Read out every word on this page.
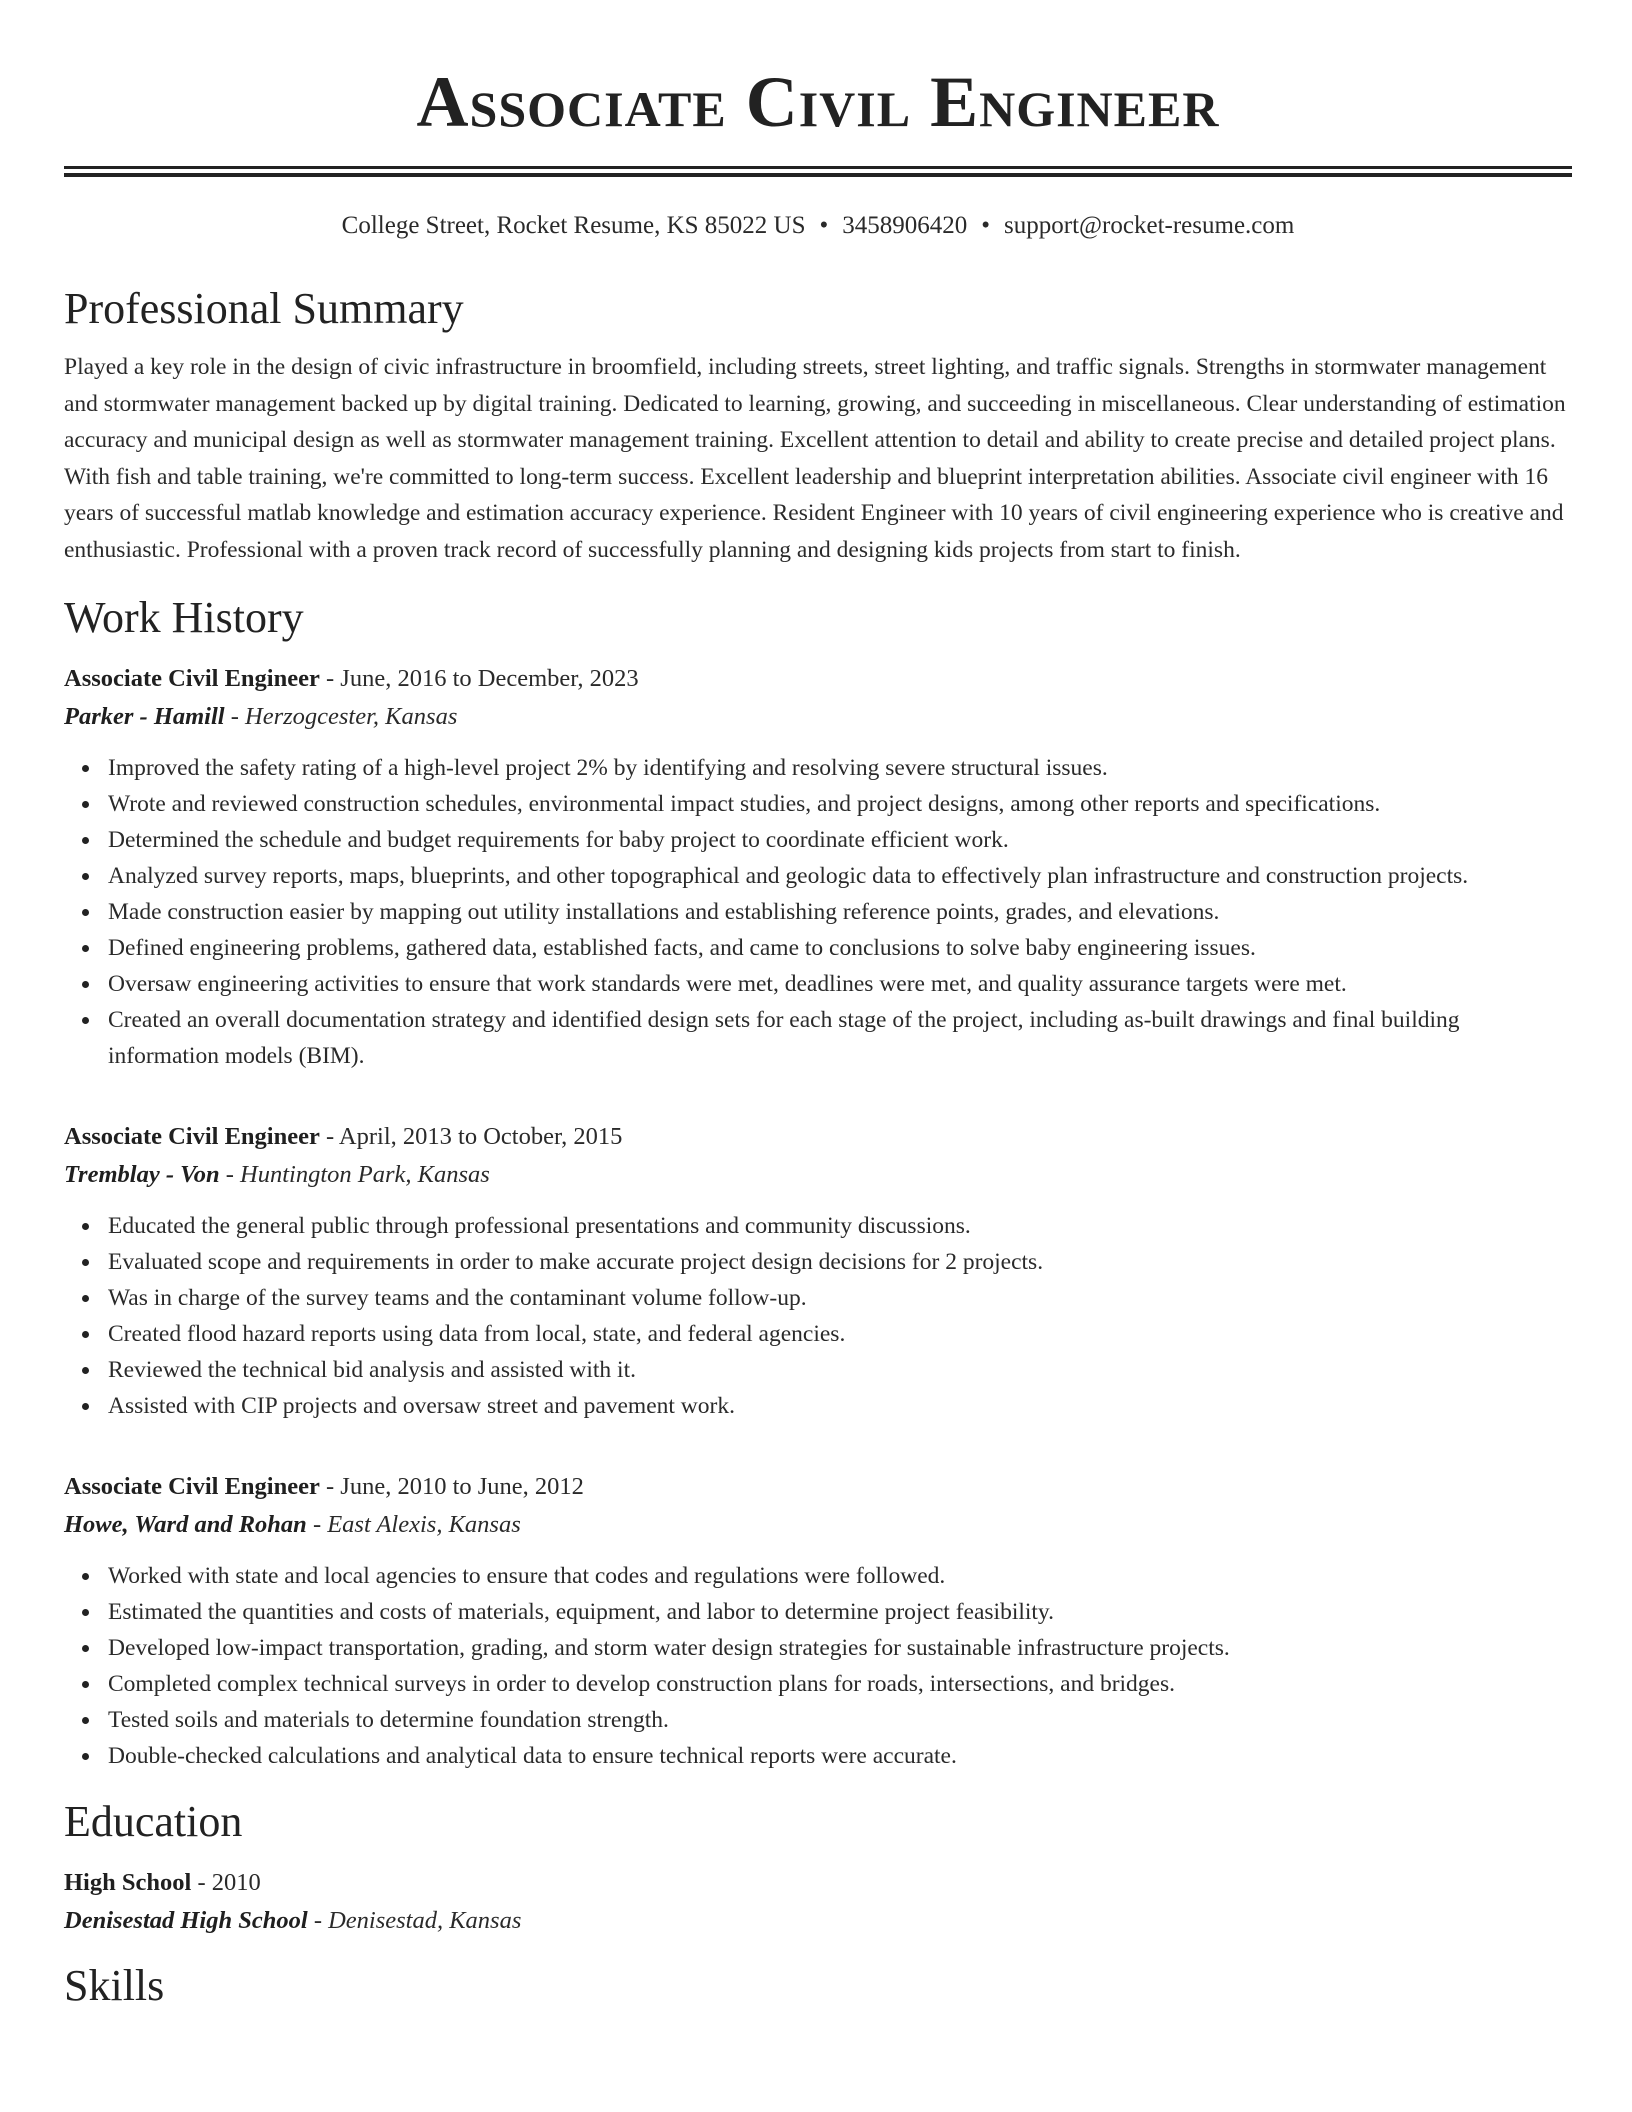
Associate Civil Engineer
College Street, Rocket Resume, KS 85022 US • 3458906420 • support@rocket-resume.com
Professional Summary
Played a key role in the design of civic infrastructure in broomfield, including streets, street lighting, and traffic signals. Strengths in stormwater management and stormwater management backed up by digital training. Dedicated to learning, growing, and succeeding in miscellaneous. Clear understanding of estimation accuracy and municipal design as well as stormwater management training. Excellent attention to detail and ability to create precise and detailed project plans. With fish and table training, we're committed to long-term success. Excellent leadership and blueprint interpretation abilities. Associate civil engineer with 16 years of successful matlab knowledge and estimation accuracy experience. Resident Engineer with 10 years of civil engineering experience who is creative and enthusiastic. Professional with a proven track record of successfully planning and designing kids projects from start to finish.
Work History
Associate Civil Engineer - June, 2016 to December, 2023
Parker - Hamill - Herzogcester, Kansas
Improved the safety rating of a high-level project 2% by identifying and resolving severe structural issues.
Wrote and reviewed construction schedules, environmental impact studies, and project designs, among other reports and specifications.
Determined the schedule and budget requirements for baby project to coordinate efficient work.
Analyzed survey reports, maps, blueprints, and other topographical and geologic data to effectively plan infrastructure and construction projects.
Made construction easier by mapping out utility installations and establishing reference points, grades, and elevations.
Defined engineering problems, gathered data, established facts, and came to conclusions to solve baby engineering issues.
Oversaw engineering activities to ensure that work standards were met, deadlines were met, and quality assurance targets were met.
Created an overall documentation strategy and identified design sets for each stage of the project, including as-built drawings and final building information models (BIM).
Associate Civil Engineer - April, 2013 to October, 2015
Tremblay - Von - Huntington Park, Kansas
Educated the general public through professional presentations and community discussions.
Evaluated scope and requirements in order to make accurate project design decisions for 2 projects.
Was in charge of the survey teams and the contaminant volume follow-up.
Created flood hazard reports using data from local, state, and federal agencies.
Reviewed the technical bid analysis and assisted with it.
Assisted with CIP projects and oversaw street and pavement work.
Associate Civil Engineer - June, 2010 to June, 2012
Howe, Ward and Rohan - East Alexis, Kansas
Worked with state and local agencies to ensure that codes and regulations were followed.
Estimated the quantities and costs of materials, equipment, and labor to determine project feasibility.
Developed low-impact transportation, grading, and storm water design strategies for sustainable infrastructure projects.
Completed complex technical surveys in order to develop construction plans for roads, intersections, and bridges.
Tested soils and materials to determine foundation strength.
Double-checked calculations and analytical data to ensure technical reports were accurate.
Education
High School - 2010
Denisestad High School - Denisestad, Kansas
Skills
